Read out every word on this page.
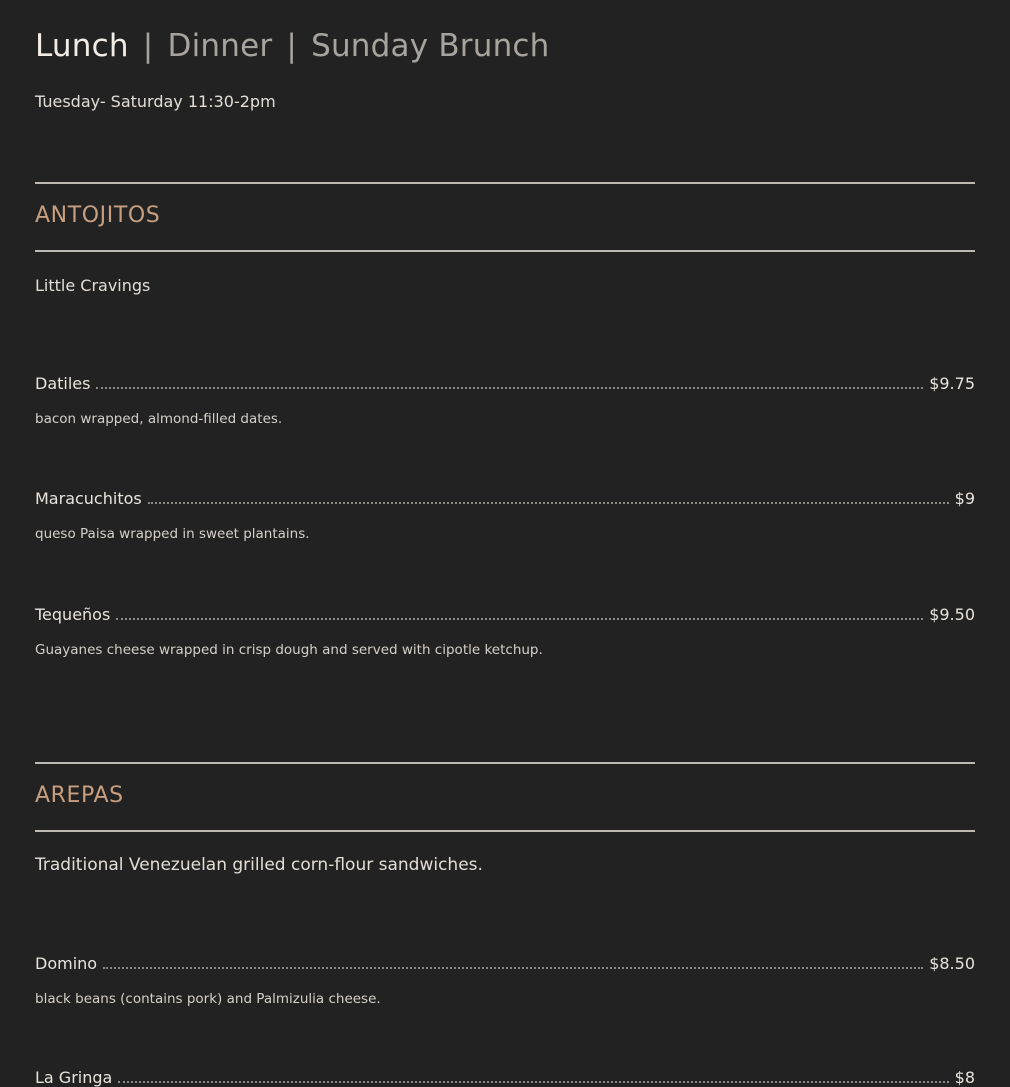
Lunch | Dinner | Sunday Brunch
Tuesday- Saturday 11:30-2pm
ANTOJITOS
Little Cravings
Datiles	$9.75
bacon wrapped, almond-filled dates.
Maracuchitos	$9
queso Paisa wrapped in sweet plantains.
Tequeños	$9.50
Guayanes cheese wrapped in crisp dough and served with cipotle ketchup.
AREPAS
Traditional Venezuelan grilled corn-flour sandwiches.
Domino	$8.50
black beans (contains pork) and Palmizulia cheese.
La Gringa	$8
